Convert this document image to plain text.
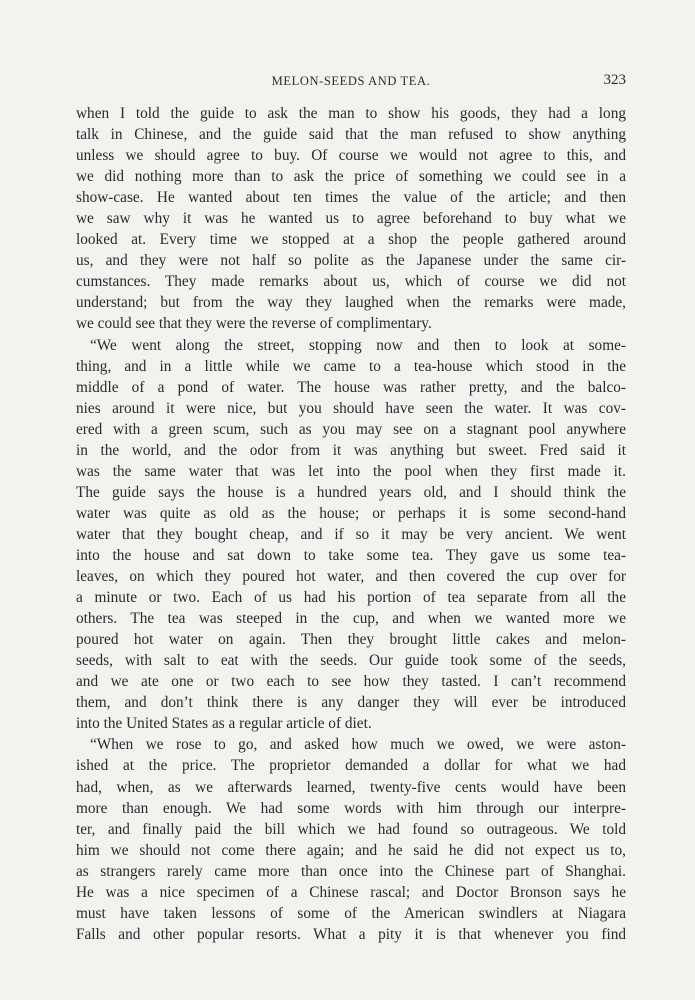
MELON-SEEDS AND TEA.	323
when I told the guide to ask the man to show his goods, they had a long
talk in Chinese, and the guide said that the man refused to show anything
unless we should agree to buy. Of course we would not agree to this, and
we did nothing more than to ask the price of something we could see in a
show-case. He wanted about ten times the value of the article; and then
we saw why it was he wanted us to agree beforehand to buy what we
looked at. Every time we stopped at a shop the people gathered around
us, and they were not half so polite as the Japanese under the same cir-
cumstances. They made remarks about us, which of course we did not
understand; but from the way they laughed when the remarks were made,
we could see that they were the reverse of complimentary.
“We went along the street, stopping now and then to look at some-
thing, and in a little while we came to a tea-house which stood in the
middle of a pond of water. The house was rather pretty, and the balco-
nies around it were nice, but you should have seen the water. It was cov-
ered with a green scum, such as you may see on a stagnant pool anywhere
in the world, and the odor from it was anything but sweet. Fred said it
was the same water that was let into the pool when they first made it.
The guide says the house is a hundred years old, and I should think the
water was quite as old as the house; or perhaps it is some second-hand
water that they bought cheap, and if so it may be very ancient. We went
into the house and sat down to take some tea. They gave us some tea-
leaves, on which they poured hot water, and then covered the cup over for
a minute or two. Each of us had his portion of tea separate from all the
others. The tea was steeped in the cup, and when we wanted more we
poured hot water on again. Then they brought little cakes and melon-
seeds, with salt to eat with the seeds. Our guide took some of the seeds,
and we ate one or two each to see how they tasted. I can’t recommend
them, and don’t think there is any danger they will ever be introduced
into the United States as a regular article of diet.
“When we rose to go, and asked how much we owed, we were aston-
ished at the price. The proprietor demanded a dollar for what we had
had, when, as we afterwards learned, twenty-five cents would have been
more than enough. We had some words with him through our interpre-
ter, and finally paid the bill which we had found so outrageous. We told
him we should not come there again; and he said he did not expect us to,
as strangers rarely came more than once into the Chinese part of Shanghai.
He was a nice specimen of a Chinese rascal; and Doctor Bronson says he
must have taken lessons of some of the American swindlers at Niagara
Falls and other popular resorts. What a pity it is that whenever you find
